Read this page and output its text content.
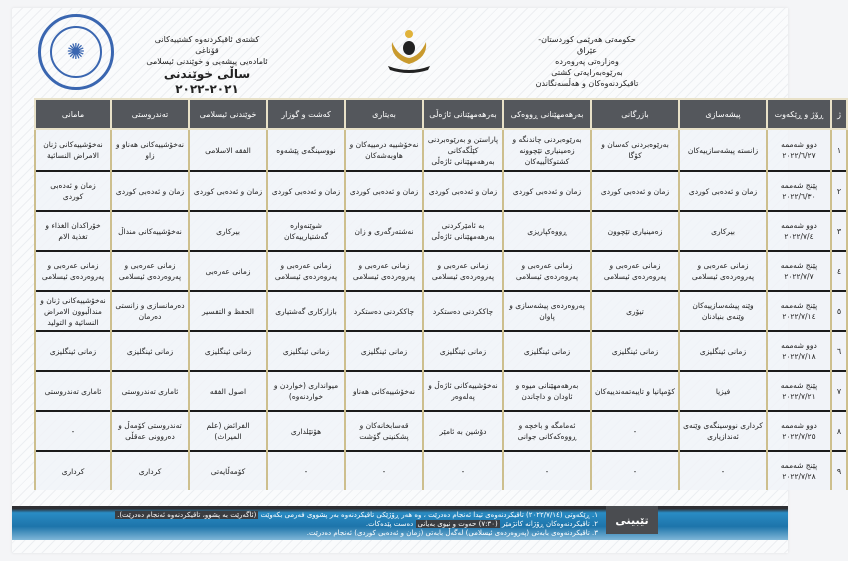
✺	کشتەی ئاقیکردنەوە کشتییەکانی قۆناغی
ئامادەیی پیشەیی و خوێندنی ئیسلامی
ساڵی خوێندنی ٢٠٢١-٢٠٢٢
حکومەتی هەرێمی کوردستان-عێراق
وەزارەتی پەروەردە
بەرێوەبەرایەتی کشتی
تاقیکردنەوەکان و هەڵسەنگاندن
ژ	ڕۆژ و ڕێکەوت	پیشەسازی	بازرگانی	بەرهەمهێنانی ڕووەکی	بەرهەمهێنانی ئاژەڵی	بەیتاری	کەشت و گوزار	خوێندنی ئیسلامی	تەندروستی	مامانی
١	دوو شەممە
٢٠٢٢/٦/٢٧	زانستە پیشەسازییەکان	بەرێوەبردنی کەسان و کۆگا	بەرێوەبردنی چاندنگە و زەمینیاری تێچوونە کشتوکاڵییەکان	پاراستن و بەرێوەبردنی کێڵگەکانی بەرهەمهێنانی ئاژەڵی	نەخۆشییە درمییەکان و هاوبەشەکان	نووسینگەی پێشەوە	الفقە الاسلامی	نەخۆشییەکانی هەناو و زاو	نەخۆشییەکانی ژنان الامراض النسائیة
٢	پێنج شەممە
٢٠٢٢/٦/٣٠	زمان و ئەدەبی کوردی	زمان و ئەدەبی کوردی	زمان و ئەدەبی کوردی	زمان و ئەدەبی کوردی	زمان و ئەدەبی کوردی	زمان و ئەدەبی کوردی	زمان و ئەدەبی کوردی	زمان و ئەدەبی کوردی	زمان و ئەدەبی کوردی
٣	دوو شەممە
٢٠٢٢/٧/٤	بیرکاری	زەمینیاری تێچوون	ڕووەکپاریزی	بە ئامێرکردنی بەرهەمهێنانی ئاژەڵی	نەشتەرگەری و زان	شوێنەوارە گەشتیارییەکان	بیرکاری	نەخۆشییەکانی منداڵ	خۆراکدان الغذاء و تغذیة الام
٤	پێنج شەممە
٢٠٢٢/٧/٧	زمانی عەرەبی و پەروەردەی ئیسلامی	زمانی عەرەبی و پەروەردەی ئیسلامی	زمانی عەرەبی و پەروەردەی ئیسلامی	زمانی عەرەبی و پەروەردەی ئیسلامی	زمانی عەرەبی و پەروەردەی ئیسلامی	زمانی عەرەبی و پەروەردەی ئیسلامی	زمانی عەرەبی	زمانی عەرەبی و پەروەردەی ئیسلامی	زمانی عەرەبی و پەروەردەی ئیسلامی
٥	پێنج شەممە
٢٠٢٢/٧/١٤	وێنە پیشەسازییەکان وێنەی بنیادنان	تیۆری	پەروەردەی پیشەسازی و پاوان	چاککردنی دەستکرد	چاککردنی دەستکرد	بازارکاری گەشتیاری	الحفظ و التفسیر	دەرمانسازی و زانستی دەرمان	نەخۆشییەکانی ژنان و منداڵبوون الامراض النسائیة و التولید
٦	دوو شەممە
٢٠٢٢/٧/١٨	زمانی ئینگلیزی	زمانی ئینگلیزی	زمانی ئینگلیزی	زمانی ئینگلیزی	زمانی ئینگلیزی	زمانی ئینگلیزی	زمانی ئینگلیزی	زمانی ئینگلیزی	زمانی ئینگلیزی
٧	پێنج شەممە
٢٠٢٢/٧/٢١	فیزیا	کۆمپانیا و تایبەتمەندییەکان	بەرهەمهێنانی میوە و ئاودان و داچاندن	نەخۆشییەکانی ئاژەڵ و پەلەوەر	نەخۆشییەکانی هەناو	میوانداری (خواردن و خواردنەوە)	اصول الفقە	ئاماری تەندروستی	ئاماری تەندروستی
٨	دوو شەممە
٢٠٢٢/٧/٢٥	کرداری نووسینگەی وێنەی ئەندازیاری	-	ئەمامگە و باخچە و ڕووەکەکانی جوانی	دۆشین بە ئامێر	قەسابخانەکان و پشکنینی گۆشت	هۆتێلداری	الفرائض (علم المیراث)	تەندروستی کۆمەڵ و دەروونی عەقڵی	-
٩	پێنج شەممە
٢٠٢٢/٧/٢٨	-	-	-	-	-	-	کۆمەڵایەتی	کرداری	کرداری
تێبینی
١. ڕێکەوتی (٢٠٢٢/٧/١٤) تاقیکردنەوەی تیدا ئەنجام دەدرێت ، وە هەر ڕۆژێکی تاقیکردنەوە بەر پشووی فەرمی بکەوێت (ئاگەرێت بە پشوو، تاقیکردنەوە ئەنجام دەدرێت).
٢. تاقیکردنەوەکان ڕۆژانە کاتژمێر (٧:٣٠) حەوت و نیوی بەیانی دەست پێدەکات.
٣. تاقیکردنەوەی بابەتی (پەروەردەی ئیسلامی) لەگەڵ بابەتی (زمان و ئەدەبی کوردی) ئەنجام دەدرێت.
